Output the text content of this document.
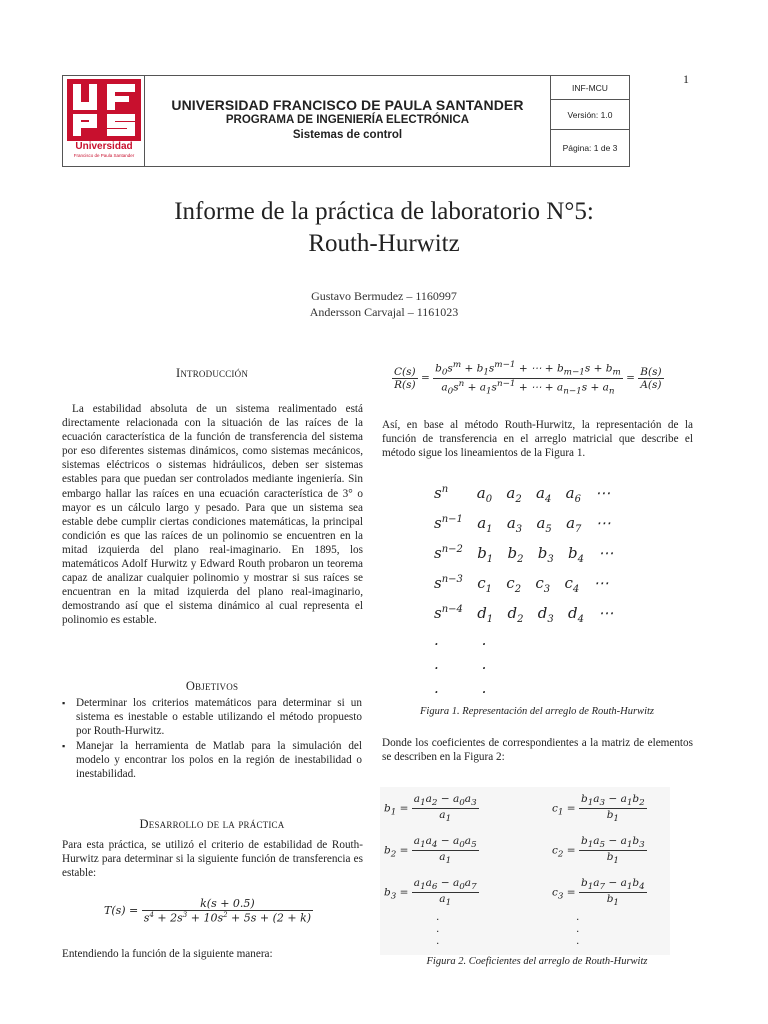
1
Universidad
Francisco de Paula Santander
UNIVERSIDAD FRANCISCO DE PAULA SANTANDER
PROGRAMA DE INGENIERÍA ELECTRÓNICA
Sistemas de control
INF-MCU
Versión: 1.0
Página: 1 de 3
Informe de la práctica de laboratorio N°5:
Routh-Hurwitz
Gustavo Bermudez – 1160997
Andersson Carvajal – 1161023
Introducción
La estabilidad absoluta de un sistema realimentado está directamente relacionada con la situación de las raíces de la ecuación característica de la función de transferencia del sistema por eso diferentes sistemas dinámicos, como sistemas mecánicos, sistemas eléctricos o sistemas hidráulicos, deben ser sistemas estables para que puedan ser controlados mediante ingeniería. Sin embargo hallar las raíces en una ecuación característica de 3° o mayor es un cálculo largo y pesado. Para que un sistema sea estable debe cumplir ciertas condiciones matemáticas, la principal condición es que las raíces de un polinomio se encuentren en la mitad izquierda del plano real-imaginario. En 1895, los matemáticos Adolf Hurwitz y Edward Routh probaron un teorema capaz de analizar cualquier polinomio y mostrar si sus raíces se encuentran en la mitad izquierda del plano real-imaginario, demostrando así que el sistema dinámico al cual representa el polinomio es estable.
Objetivos
▪ Determinar los criterios matemáticos para determinar si un sistema es inestable o estable utilizando el método propuesto por Routh-Hurwitz.
▪ Manejar la herramienta de Matlab para la simulación del modelo y encontrar los polos en la región de inestabilidad o inestabilidad.
Desarrollo de la práctica
Para esta práctica, se utilizó el criterio de estabilidad de Routh-Hurwitz para determinar si la siguiente función de transferencia es estable:
$T(s) = \frac{k(s + 0.5)}{s^4 + 2s^3 + 10s^2 + 5s + (2 + k)}$
Entendiendo la función de la siguiente manera:
$\frac{C(s)}{R(s)} = \frac{b_0s^m + b_1s^{m-1} + \cdots + b_{m-1}s + b_m}{a_0s^n + a_1s^{n-1} + \cdots + a_{n-1}s + a_n} = \frac{B(s)}{A(s)}$
Así, en base al método Routh-Hurwitz, la representación de la función de transferencia en el arreglo matricial que describe el método sigue los lineamientos de la Figura 1.
$s^n$      $a_0$   $a_2$   $a_4$   $a_6$   ⋯
$s^{n-1}$   $a_1$   $a_3$   $a_5$   $a_7$   ⋯
$s^{n-2}$   $b_1$   $b_2$   $b_3$   $b_4$   ⋯
$s^{n-3}$   $c_1$   $c_2$   $c_3$   $c_4$   ⋯
$s^{n-4}$   $d_1$   $d_2$   $d_3$   $d_4$   ⋯
.         .
.         .
.         .
Figura 1. Representación del arreglo de Routh-Hurwitz
Donde los coeficientes de correspondientes a la matriz de elementos se describen en la Figura 2:
$b_1 = \frac{a_1a_2 - a_0a_3}{a_1}$
$b_2 = \frac{a_1a_4 - a_0a_5}{a_1}$
$b_3 = \frac{a_1a_6 - a_0a_7}{a_1}$
.
.
.
$c_1 = \frac{b_1a_3 - a_1b_2}{b_1}$
$c_2 = \frac{b_1a_5 - a_1b_3}{b_1}$
$c_3 = \frac{b_1a_7 - a_1b_4}{b_1}$
.
.
.
Figura 2. Coeficientes del arreglo de Routh-Hurwitz
